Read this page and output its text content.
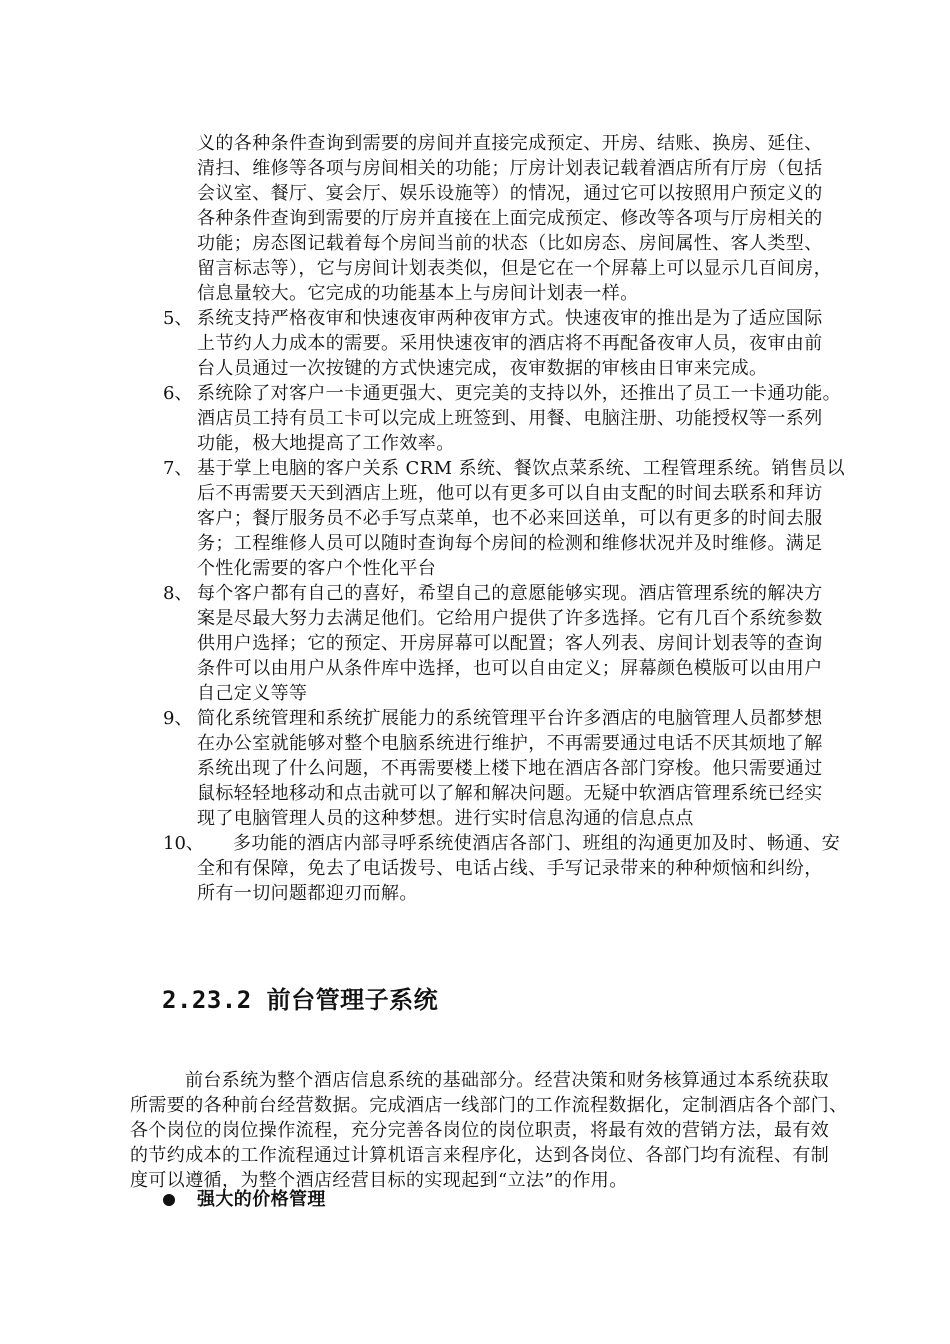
义的各种条件查询到需要的房间并直接完成预定、开房、结账、换房、延住、
清扫、维修等各项与房间相关的功能；厅房计划表记载着酒店所有厅房（包括
会议室、餐厅、宴会厅、娱乐设施等）的情况，通过它可以按照用户预定义的
各种条件查询到需要的厅房并直接在上面完成预定、修改等各项与厅房相关的
功能；房态图记载着每个房间当前的状态（比如房态、房间属性、客人类型、
留言标志等），它与房间计划表类似，但是它在一个屏幕上可以显示几百间房，
信息量较大。它完成的功能基本上与房间计划表一样。
5、 系统支持严格夜审和快速夜审两种夜审方式。快速夜审的推出是为了适应国际
上节约人力成本的需要。采用快速夜审的酒店将不再配备夜审人员，夜审由前
台人员通过一次按键的方式快速完成，夜审数据的审核由日审来完成。
6、 系统除了对客户一卡通更强大、更完美的支持以外，还推出了员工一卡通功能。
酒店员工持有员工卡可以完成上班签到、用餐、电脑注册、功能授权等一系列
功能，极大地提高了工作效率。
7、 基于掌上电脑的客户关系 CRM 系统、餐饮点菜系统、工程管理系统。销售员以
后不再需要天天到酒店上班，他可以有更多可以自由支配的时间去联系和拜访
客户；餐厅服务员不必手写点菜单，也不必来回送单，可以有更多的时间去服
务；工程维修人员可以随时查询每个房间的检测和维修状况并及时维修。满足
个性化需要的客户个性化平台
8、 每个客户都有自己的喜好，希望自己的意愿能够实现。酒店管理系统的解决方
案是尽最大努力去满足他们。它给用户提供了许多选择。它有几百个系统参数
供用户选择；它的预定、开房屏幕可以配置；客人列表、房间计划表等的查询
条件可以由用户从条件库中选择，也可以自由定义；屏幕颜色模版可以由用户
自己定义等等
9、 简化系统管理和系统扩展能力的系统管理平台许多酒店的电脑管理人员都梦想
在办公室就能够对整个电脑系统进行维护，不再需要通过电话不厌其烦地了解
系统出现了什么问题，不再需要楼上楼下地在酒店各部门穿梭。他只需要通过
鼠标轻轻地移动和点击就可以了解和解决问题。无疑中软酒店管理系统已经实
现了电脑管理人员的这种梦想。进行实时信息沟通的信息点点
10、 多功能的酒店内部寻呼系统使酒店各部门、班组的沟通更加及时、畅通、安
全和有保障，免去了电话拨号、电话占线、手写记录带来的种种烦恼和纠纷，
所有一切问题都迎刃而解。
2.23.2 前台管理子系统
前台系统为整个酒店信息系统的基础部分。经营决策和财务核算通过本系统获取
所需要的各种前台经营数据。完成酒店一线部门的工作流程数据化，定制酒店各个部门、
各个岗位的岗位操作流程，充分完善各岗位的岗位职责，将最有效的营销方法，最有效
的节约成本的工作流程通过计算机语言来程序化，达到各岗位、各部门均有流程、有制
度可以遵循，为整个酒店经营目标的实现起到“立法”的作用。
强大的价格管理
